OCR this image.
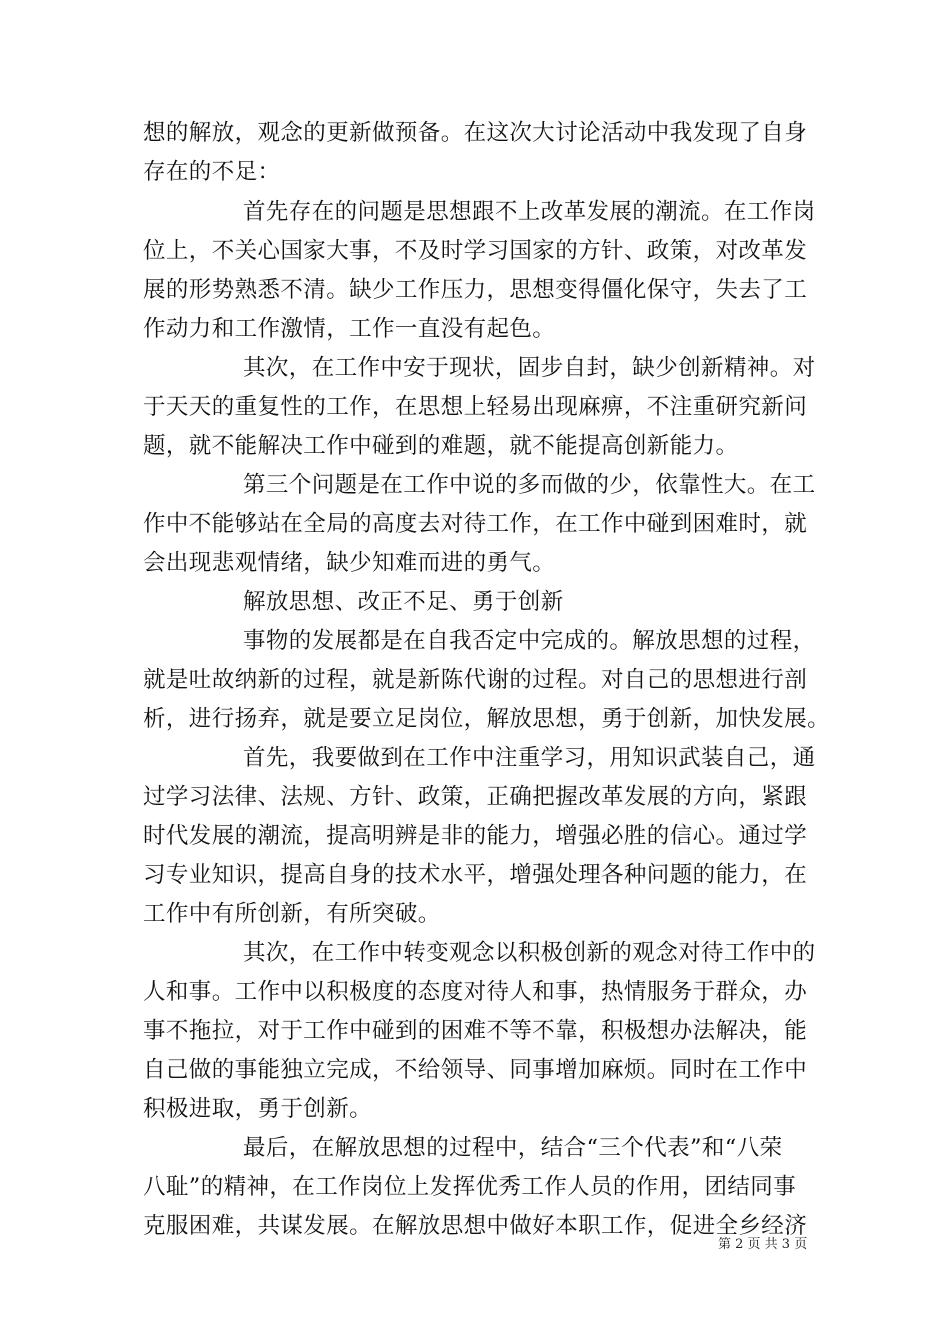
想的解放，观念的更新做预备。在这次大讨论活动中我发现了自身
存在的不足：
首先存在的问题是思想跟不上改革发展的潮流。在工作岗
位上，不关心国家大事，不及时学习国家的方针、政策，对改革发
展的形势熟悉不清。缺少工作压力，思想变得僵化保守，失去了工
作动力和工作激情，工作一直没有起色。
其次，在工作中安于现状，固步自封，缺少创新精神。对
于天天的重复性的工作，在思想上轻易出现麻痹，不注重研究新问
题，就不能解决工作中碰到的难题，就不能提高创新能力。
第三个问题是在工作中说的多而做的少，依靠性大。在工
作中不能够站在全局的高度去对待工作，在工作中碰到困难时，就
会出现悲观情绪，缺少知难而进的勇气。
解放思想、改正不足、勇于创新
事物的发展都是在自我否定中完成的。解放思想的过程，
就是吐故纳新的过程，就是新陈代谢的过程。对自己的思想进行剖
析，进行扬弃，就是要立足岗位，解放思想，勇于创新，加快发展。
首先，我要做到在工作中注重学习，用知识武装自己，通
过学习法律、法规、方针、政策，正确把握改革发展的方向，紧跟
时代发展的潮流，提高明辨是非的能力，增强必胜的信心。通过学
习专业知识，提高自身的技术水平，增强处理各种问题的能力，在
工作中有所创新，有所突破。
其次，在工作中转变观念以积极创新的观念对待工作中的
人和事。工作中以积极度的态度对待人和事，热情服务于群众，办
事不拖拉，对于工作中碰到的困难不等不靠，积极想办法解决，能
自己做的事能独立完成，不给领导、同事增加麻烦。同时在工作中
积极进取，勇于创新。
最后，在解放思想的过程中，结合“三个代表”和“八荣
八耻”的精神，在工作岗位上发挥优秀工作人员的作用，团结同事
克服困难，共谋发展。在解放思想中做好本职工作，促进全乡经济
第 2 页 共 3 页
